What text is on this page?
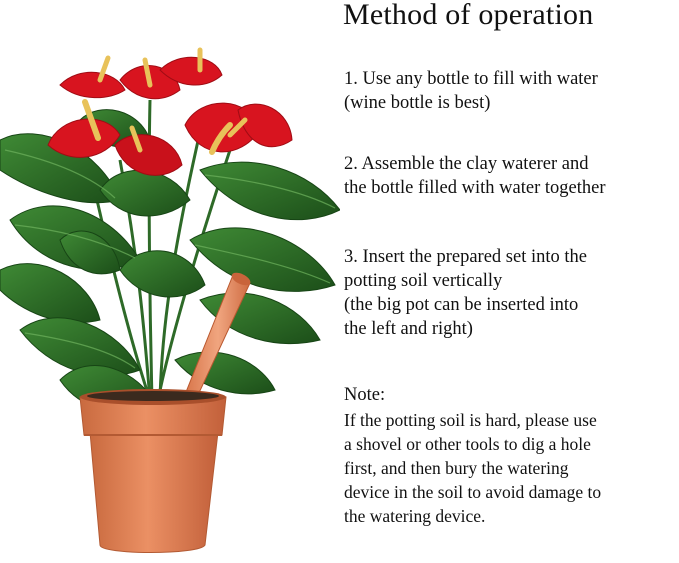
Method of operation

1. Use any bottle to fill with water
(wine bottle is best)

2. Assemble the clay waterer and
the bottle filled with water together

3. Insert the prepared set into the
potting soil vertically
(the big pot can be inserted into
the left and right)

Note:

If the potting soil is hard, please use
a shovel or other tools to dig a hole
first, and then bury the watering
device in the soil to avoid damage to
the watering device.
